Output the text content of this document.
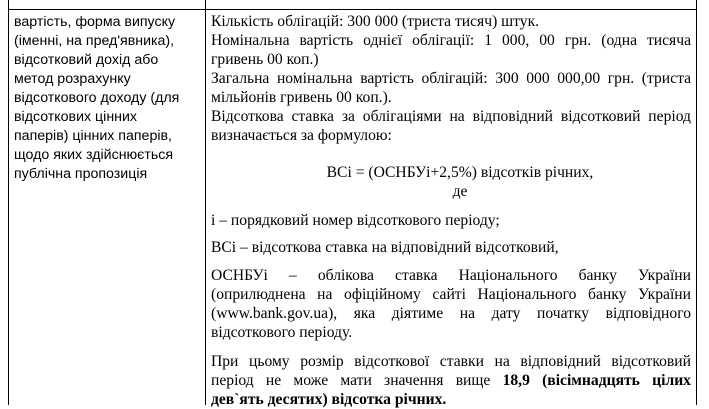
вартість, форма випуску
(іменні, на пред'явника),
відсотковий дохід або
метод розрахунку
відсоткового доходу (для
відсоткових цінних
паперів) цінних паперів,
щодо яких здійснюється
публічна пропозиція
Кількість облігацій: 300 000 (триста тисяч) штук.
Номінальна вартість однієї облігації: 1 000, 00 грн. (одна тисяча
гривень 00 коп.)
Загальна номінальна вартість облігацій: 300 000 000,00 грн. (триста
мільйонів гривень 00 коп.).
Відсоткова ставка за облігаціями на відповідний відсотковий період
визначається за формулою:
ВСі = (ОСНБУі+2,5%) відсотків річних,
де
і – порядковий номер відсоткового періоду;
ВСі – відсоткова ставка на відповідний відсотковий,
ОСНБУі – облікова ставка Національного банку України
(оприлюднена на офіційному сайті Національного банку України
(www.bank.gov.ua), яка діятиме на дату початку відповідного
відсоткового періоду.
При цьому розмір відсоткової ставки на відповідний відсотковий
період не може мати значення вище 18,9 (вісімнадцять цілих
дев`ять десятих) відсотка річних.
